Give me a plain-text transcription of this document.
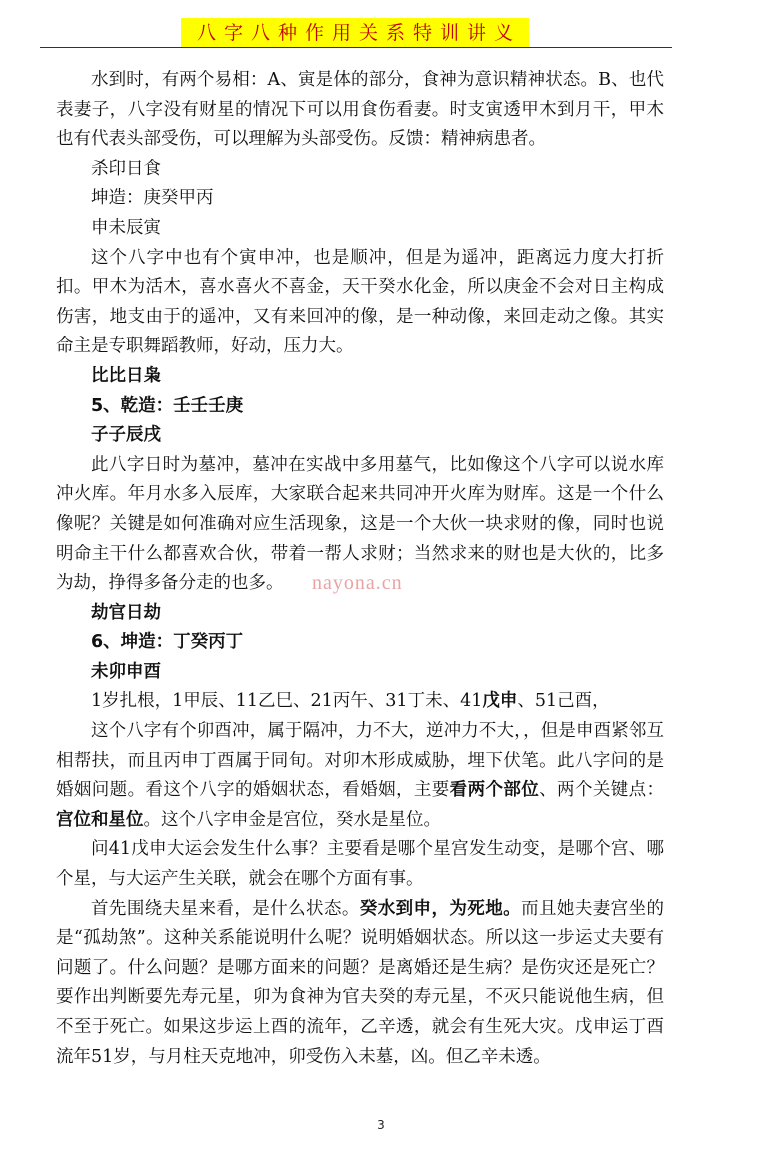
八字八种作用关系特训讲义

水到时，有两个易相：A、寅是体的部分，食神为意识精神状态。B、也代表妻子，八字没有财星的情况下可以用食伤看妻。时支寅透甲木到月干，甲木也有代表头部受伤，可以理解为头部受伤。反馈：精神病患者。

杀印日食

坤造：庚癸甲丙

申未辰寅

这个八字中也有个寅申冲，也是顺冲，但是为遥冲，距离远力度大打折扣。甲木为活木，喜水喜火不喜金，天干癸水化金，所以庚金不会对日主构成伤害，地支由于的遥冲，又有来回冲的像，是一种动像，来回走动之像。其实命主是专职舞蹈教师，好动，压力大。

比比日枭

5、乾造：壬壬壬庚

子子辰戌

此八字日时为墓冲，墓冲在实战中多用墓气，比如像这个八字可以说水库冲火库。年月水多入辰库，大家联合起来共同冲开火库为财库。这是一个什么像呢？关键是如何准确对应生活现象，这是一个大伙一块求财的像，同时也说明命主干什么都喜欢合伙，带着一帮人求财；当然求来的财也是大伙的，比多为劫，挣得多备分走的也多。

劫官日劫

6、坤造：丁癸丙丁

未卯申酉

1岁扎根，1甲辰、11乙巳、21丙午、31丁未、41戊申、51己酉，

这个八字有个卯酉冲，属于隔冲，力不大，逆冲力不大，，但是申酉紧邻互相帮扶，而且丙申丁酉属于同旬。对卯木形成威胁，埋下伏笔。此八字问的是婚姻问题。看这个八字的婚姻状态，看婚姻，主要看两个部位、两个关键点：宫位和星位。这个八字申金是宫位，癸水是星位。

问41戊申大运会发生什么事？主要看是哪个星宫发生动变，是哪个宫、哪个星，与大运产生关联，就会在哪个方面有事。

首先围绕夫星来看，是什么状态。癸水到申，为死地。而且她夫妻宫坐的是“孤劫煞”。这种关系能说明什么呢？说明婚姻状态。所以这一步运丈夫要有问题了。什么问题？是哪方面来的问题？是离婚还是生病？是伤灾还是死亡？要作出判断要先寿元星，卯为食神为官夫癸的寿元星，不灭只能说他生病，但不至于死亡。如果这步运上酉的流年，乙辛透，就会有生死大灾。戊申运丁酉流年51岁，与月柱天克地冲，卯受伤入未墓，凶。但乙辛未透。

nayona.cn
3
